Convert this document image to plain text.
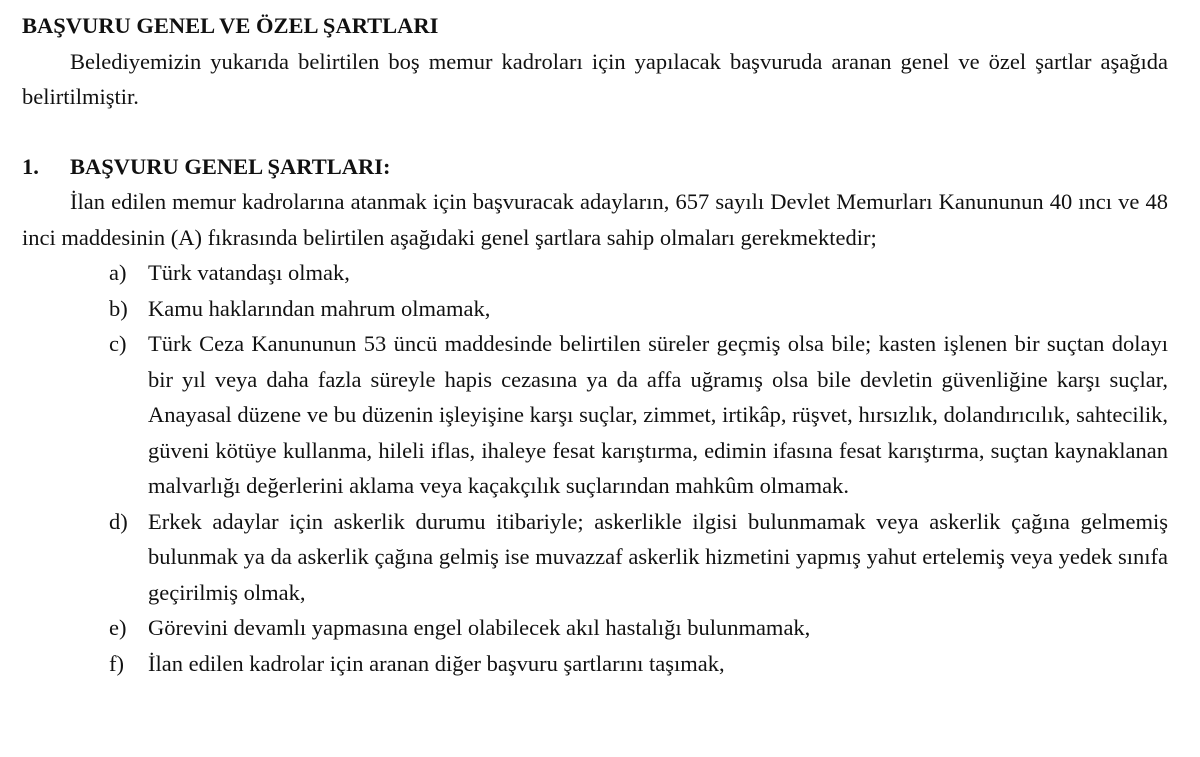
BAŞVURU GENEL VE ÖZEL ŞARTLARI

Belediyemizin yukarıda belirtilen boş memur kadroları için yapılacak başvuruda aranan genel ve özel şartlar aşağıda belirtilmiştir.

1.	BAŞVURU GENEL ŞARTLARI:

İlan edilen memur kadrolarına atanmak için başvuracak adayların, 657 sayılı Devlet Memurları Kanununun 40 ıncı ve 48 inci maddesinin (A) fıkrasında belirtilen aşağıdaki genel şartlara sahip olmaları gerekmektedir;

a) Türk vatandaşı olmak,
b) Kamu haklarından mahrum olmamak,
c) Türk Ceza Kanununun 53 üncü maddesinde belirtilen süreler geçmiş olsa bile; kasten işlenen bir suçtan dolayı bir yıl veya daha fazla süreyle hapis cezasına ya da affa uğramış olsa bile devletin güvenliğine karşı suçlar, Anayasal düzene ve bu düzenin işleyişine karşı suçlar, zimmet, irtikâp, rüşvet, hırsızlık, dolandırıcılık, sahtecilik, güveni kötüye kullanma, hileli iflas, ihaleye fesat karıştırma, edimin ifasına fesat karıştırma, suçtan kaynaklanan malvarlığı değerlerini aklama veya kaçakçılık suçlarından mahkûm olmamak.
d) Erkek adaylar için askerlik durumu itibariyle; askerlikle ilgisi bulunmamak veya askerlik çağına gelmemiş bulunmak ya da askerlik çağına gelmiş ise muvazzaf askerlik hizmetini yapmış yahut ertelemiş veya yedek sınıfa geçirilmiş olmak,
e) Görevini devamlı yapmasına engel olabilecek akıl hastalığı bulunmamak,
f)	İlan edilen kadrolar için aranan diğer başvuru şartlarını taşımak,
